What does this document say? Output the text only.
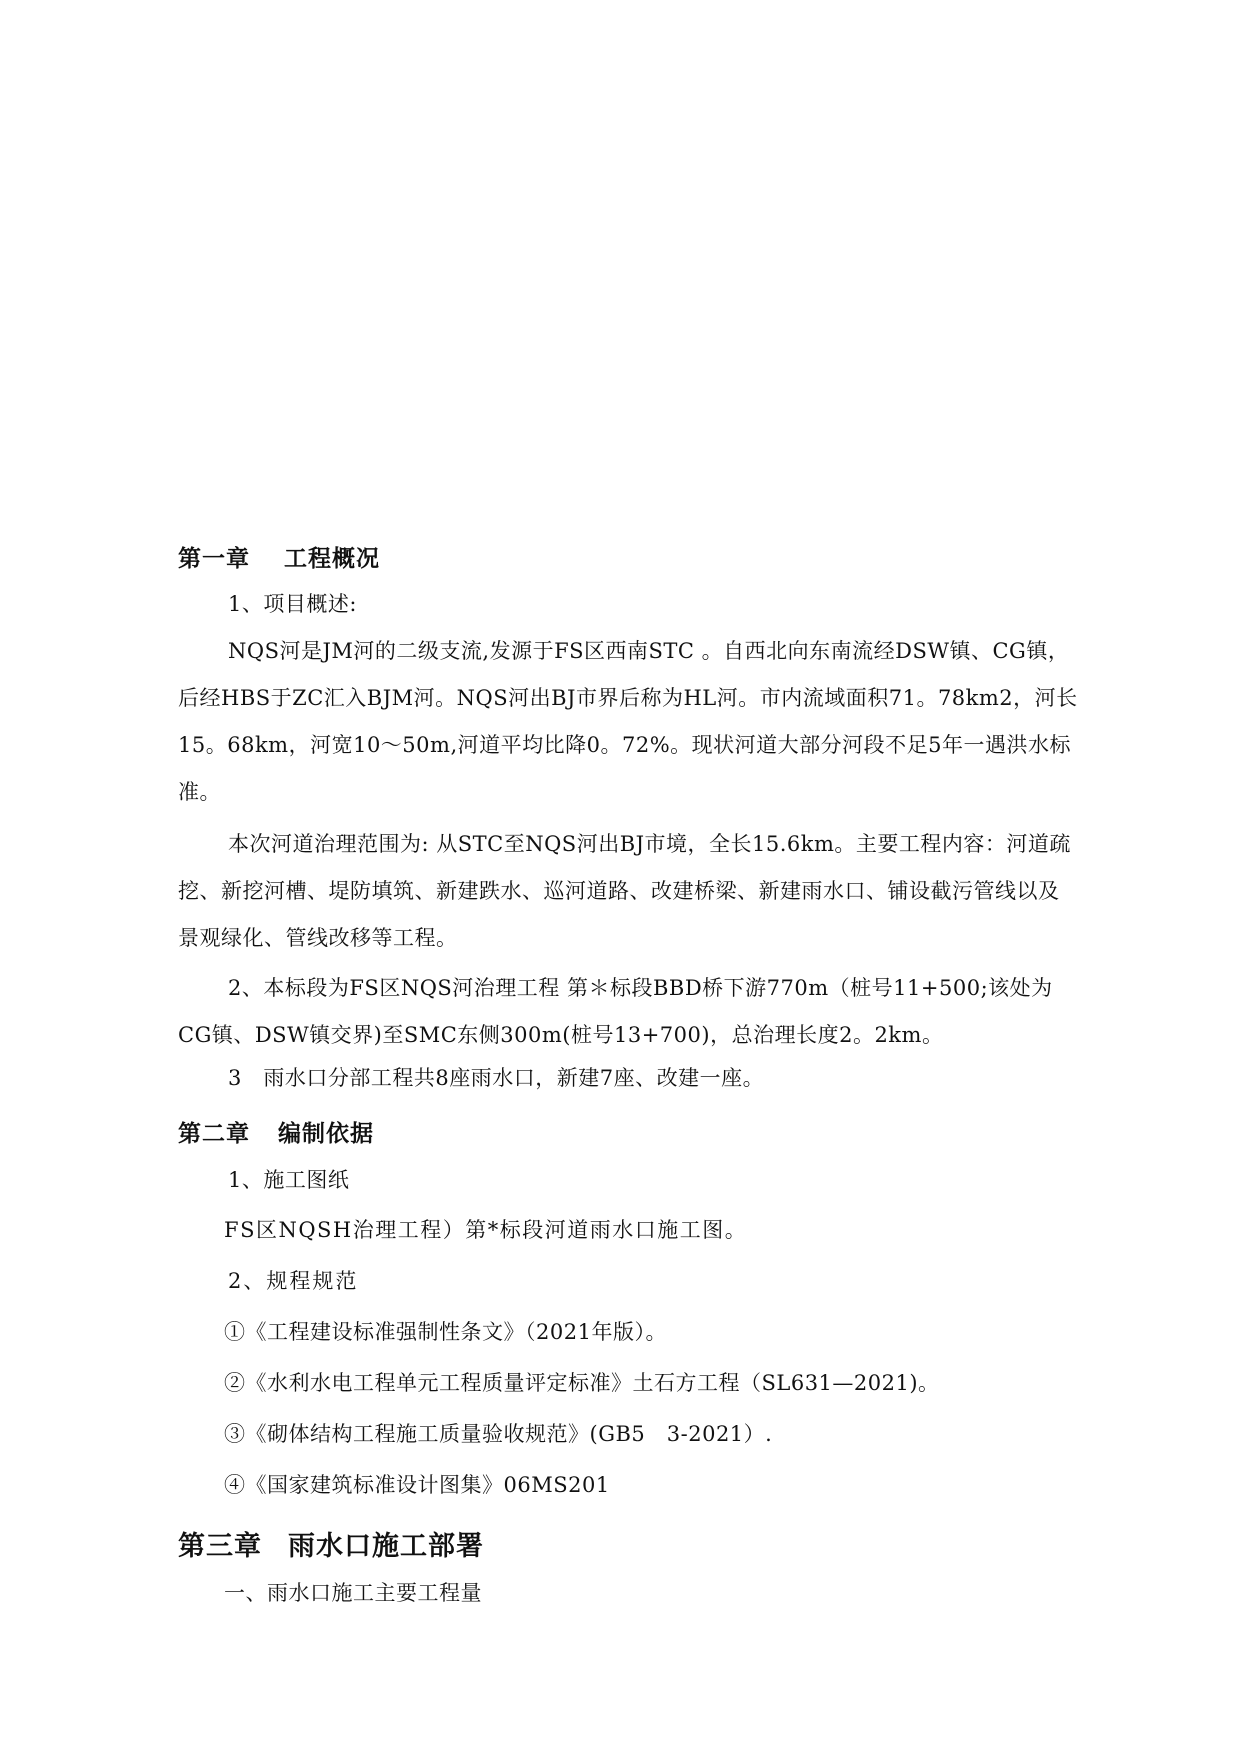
第一章 工程概况
1、项目概述:
NQS河是JM河的二级支流,发源于FS区西南STC 。自西北向东南流经DSW镇、CG镇，后经HBS于ZC汇入BJM河。NQS河出BJ市界后称为HL河。市内流域面积71。78km2，河长15。68km，河宽10～50m,河道平均比降0。72%。现状河道大部分河段不足5年一遇洪水标准。
本次河道治理范围为: 从STC至NQS河出BJ市境，全长15.6km。主要工程内容：河道疏挖、新挖河槽、堤防填筑、新建跌水、巡河道路、改建桥梁、新建雨水口、铺设截污管线以及景观绿化、管线改移等工程。
2、本标段为FS区NQS河治理工程 第＊标段BBD桥下游770m（桩号11+500;该处为CG镇、DSW镇交界)至SMC东侧300m(桩号13+700)，总治理长度2。2km。
3　雨水口分部工程共8座雨水口，新建7座、改建一座。
第二章 编制依据
1、施工图纸
FS区NQSH治理工程）第*标段河道雨水口施工图。
2、规程规范
①《工程建设标准强制性条文》（2021年版）。
②《水利水电工程单元工程质量评定标准》土石方工程（SL631—2021)。
③《砌体结构工程施工质量验收规范》(GB5　3-2021）.
④《国家建筑标准设计图集》06MS201
第三章 雨水口施工部署
一、雨水口施工主要工程量
